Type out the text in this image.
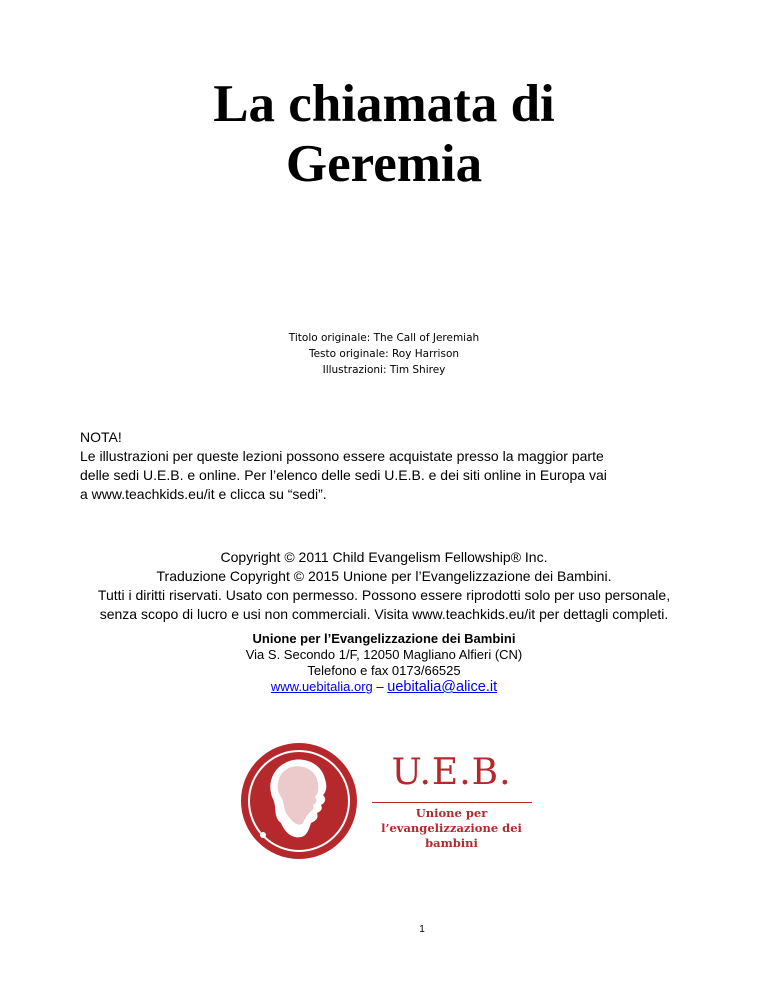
La chiamata di
Geremia
Titolo originale: The Call of Jeremiah
Testo originale: Roy Harrison
Illustrazioni: Tim Shirey
NOTA!
Le illustrazioni per queste lezioni possono essere acquistate presso la maggior parte
delle sedi U.E.B. e online. Per l’elenco delle sedi U.E.B. e dei siti online in Europa vai
a www.teachkids.eu/it e clicca su “sedi”.
Copyright © 2011 Child Evangelism Fellowship® Inc.
Traduzione Copyright © 2015 Unione per l’Evangelizzazione dei Bambini.
Tutti i diritti riservati. Usato con permesso. Possono essere riprodotti solo per uso personale,
senza scopo di lucro e usi non commerciali. Visita www.teachkids.eu/it per dettagli completi.
Unione per l’Evangelizzazione dei Bambini
Via S. Secondo 1/F, 12050 Magliano Alfieri (CN)
Telefono e fax 0173/66525
www.uebitalia.org – uebitalia@alice.it
U.E.B.
Unione per
l’evangelizzazione dei
bambini
1
